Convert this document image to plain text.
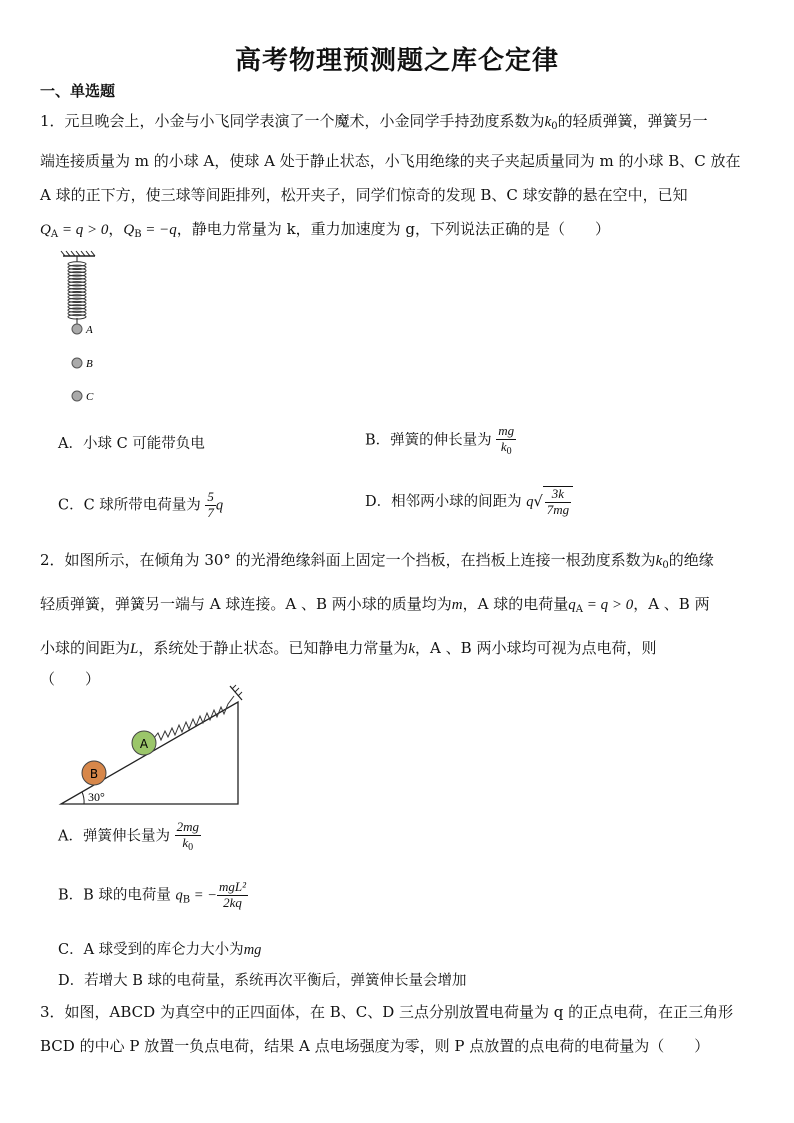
高考物理预测题之库仑定律
一、单选题
1．元旦晚会上，小金与小飞同学表演了一个魔术，小金同学手持劲度系数为$k_0$的轻质弹簧，弹簧另一
端连接质量为 m 的小球 A，使球 A 处于静止状态，小飞用绝缘的夹子夹起质量同为 m 的小球 B、C 放在
A 球的正下方，使三球等间距排列，松开夹子，同学们惊奇的发现 B、C 球安静的悬在空中，已知
$Q_A = q > 0$，$Q_B = -q$，静电力常量为 k，重力加速度为 g，下列说法正确的是（　　）
A
B
C
A．小球 C 可能带负电	B．弹簧的伸长量为 $\frac{mg}{k_0}$
C．C 球所带电荷量为 $\frac{5}{7}$ q	D．相邻两小球的间距为 $q√ \frac{3k}{7mg}$
2．如图所示，在倾角为 30° 的光滑绝缘斜面上固定一个挡板，在挡板上连接一根劲度系数为$k_0$的绝缘
轻质弹簧，弹簧另一端与 A 球连接。A 、B 两小球的质量均为m，A 球的电荷量$q_A = q > 0$，A 、B 两
小球的间距为L，系统处于静止状态。已知静电力常量为k，A 、B 两小球均可视为点电荷，则
（　　）
A
B
30°
A．弹簧伸长量为 $\frac{2mg}{k_0}$
B．B 球的电荷量 $q_B$ = − $\frac{\text{mgL²}}{2kq}$
C．A 球受到的库仑力大小为mg
D．若增大 B 球的电荷量，系统再次平衡后，弹簧伸长量会增加
3．如图，ABCD 为真空中的正四面体，在 B、C、D 三点分别放置电荷量为 q 的正点电荷，在正三角形
BCD 的中心 P 放置一负点电荷，结果 A 点电场强度为零，则 P 点放置的点电荷的电荷量为（　　）
